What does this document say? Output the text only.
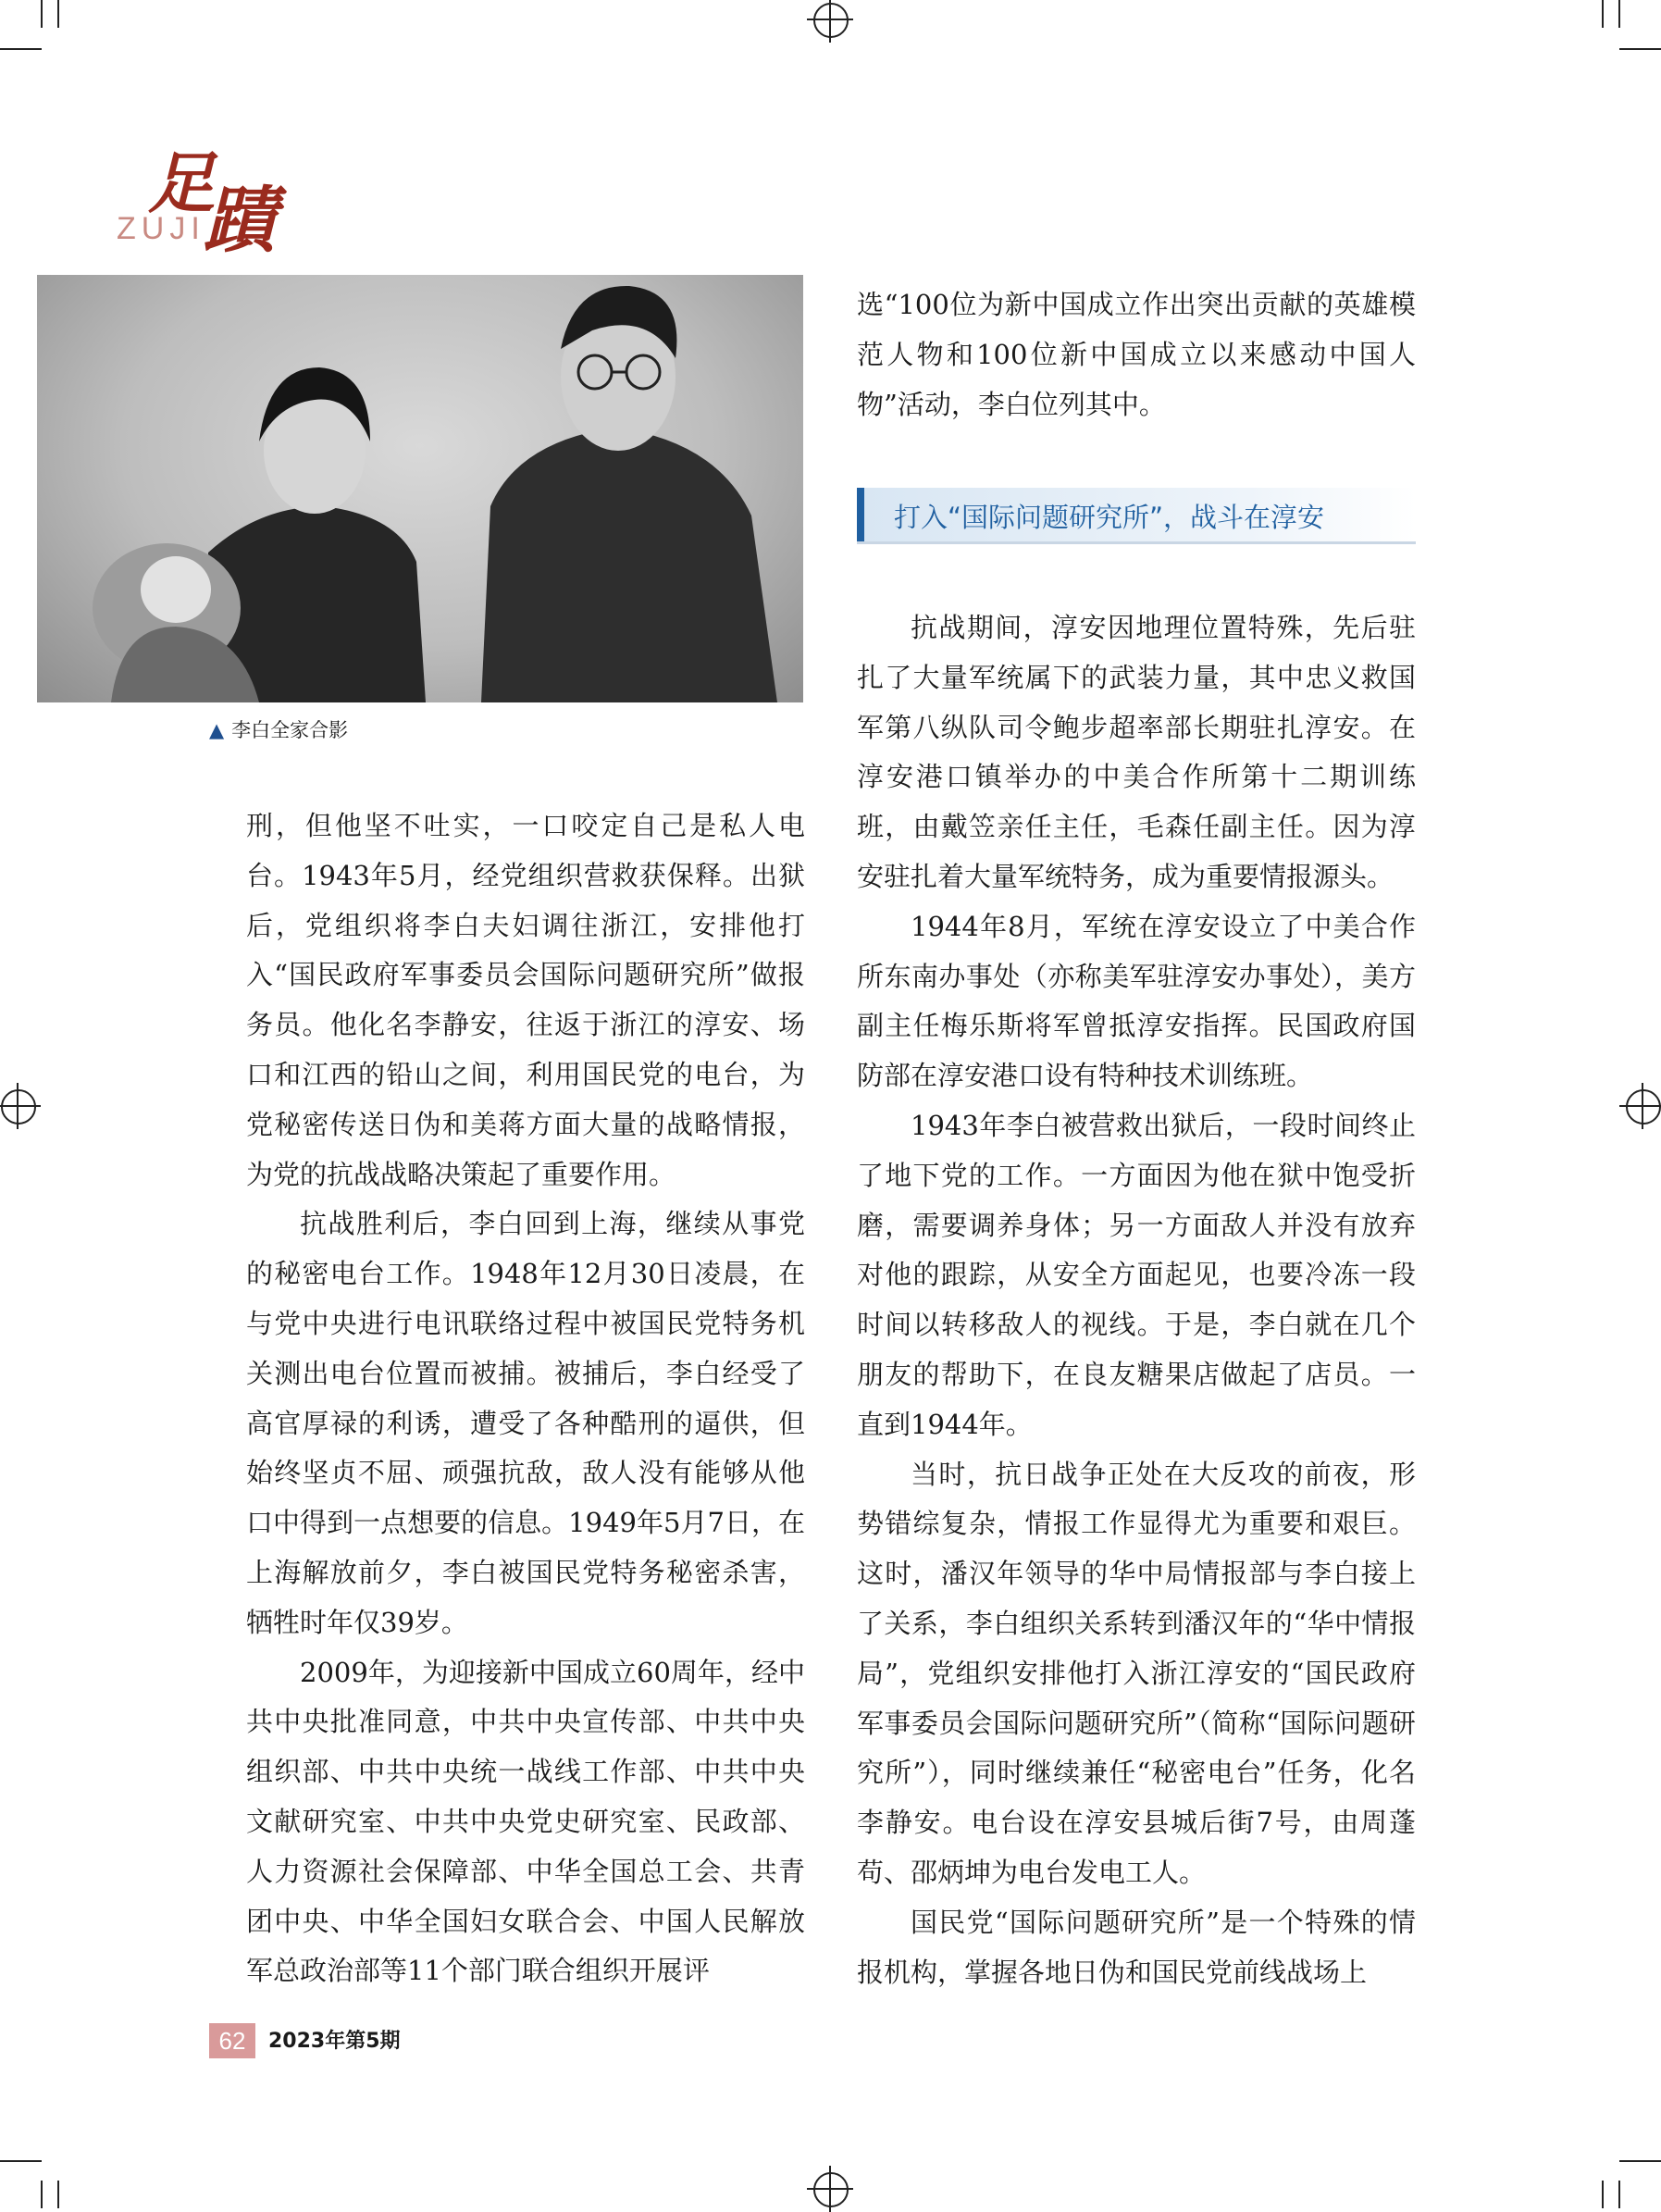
足
蹟
ZUJI
▲ 李白全家合影

刑，但他坚不吐实，一口咬定自己是私人电台。1943年5月，经党组织营救获保释。出狱后，党组织将李白夫妇调往浙江，安排他打入“国民政府军事委员会国际问题研究所”做报务员。他化名李静安，往返于浙江的淳安、场口和江西的铅山之间，利用国民党的电台，为党秘密传送日伪和美蒋方面大量的战略情报，为党的抗战战略决策起了重要作用。

抗战胜利后，李白回到上海，继续从事党的秘密电台工作。1948年12月30日凌晨，在与党中央进行电讯联络过程中被国民党特务机关测出电台位置而被捕。被捕后，李白经受了高官厚禄的利诱，遭受了各种酷刑的逼供，但始终坚贞不屈、顽强抗敌，敌人没有能够从他口中得到一点想要的信息。1949年5月7日，在上海解放前夕，李白被国民党特务秘密杀害，牺牲时年仅39岁。

2009年，为迎接新中国成立60周年，经中共中央批准同意，中共中央宣传部、中共中央组织部、中共中央统一战线工作部、中共中央文献研究室、中共中央党史研究室、民政部、人力资源社会保障部、中华全国总工会、共青团中央、中华全国妇女联合会、中国人民解放军总政治部等11个部门联合组织开展评

选“100位为新中国成立作出突出贡献的英雄模范人物和100位新中国成立以来感动中国人物”活动，李白位列其中。

打入“国际问题研究所”，战斗在淳安

抗战期间，淳安因地理位置特殊，先后驻扎了大量军统属下的武装力量，其中忠义救国军第八纵队司令鲍步超率部长期驻扎淳安。在淳安港口镇举办的中美合作所第十二期训练班，由戴笠亲任主任，毛森任副主任。因为淳安驻扎着大量军统特务，成为重要情报源头。

1944年8月，军统在淳安设立了中美合作所东南办事处（亦称美军驻淳安办事处），美方副主任梅乐斯将军曾抵淳安指挥。民国政府国防部在淳安港口设有特种技术训练班。

1943年李白被营救出狱后，一段时间终止了地下党的工作。一方面因为他在狱中饱受折磨，需要调养身体；另一方面敌人并没有放弃对他的跟踪，从安全方面起见，也要冷冻一段时间以转移敌人的视线。于是，李白就在几个朋友的帮助下，在良友糖果店做起了店员。一直到1944年。

当时，抗日战争正处在大反攻的前夜，形势错综复杂，情报工作显得尤为重要和艰巨。这时，潘汉年领导的华中局情报部与李白接上了关系，李白组织关系转到潘汉年的“华中情报局”，党组织安排他打入浙江淳安的“国民政府军事委员会国际问题研究所”（简称“国际问题研究所”），同时继续兼任“秘密电台”任务，化名李静安。电台设在淳安县城后街7号，由周蓬苟、邵炳坤为电台发电工人。

国民党“国际问题研究所”是一个特殊的情报机构，掌握各地日伪和国民党前线战场上

62	2023年第5期
